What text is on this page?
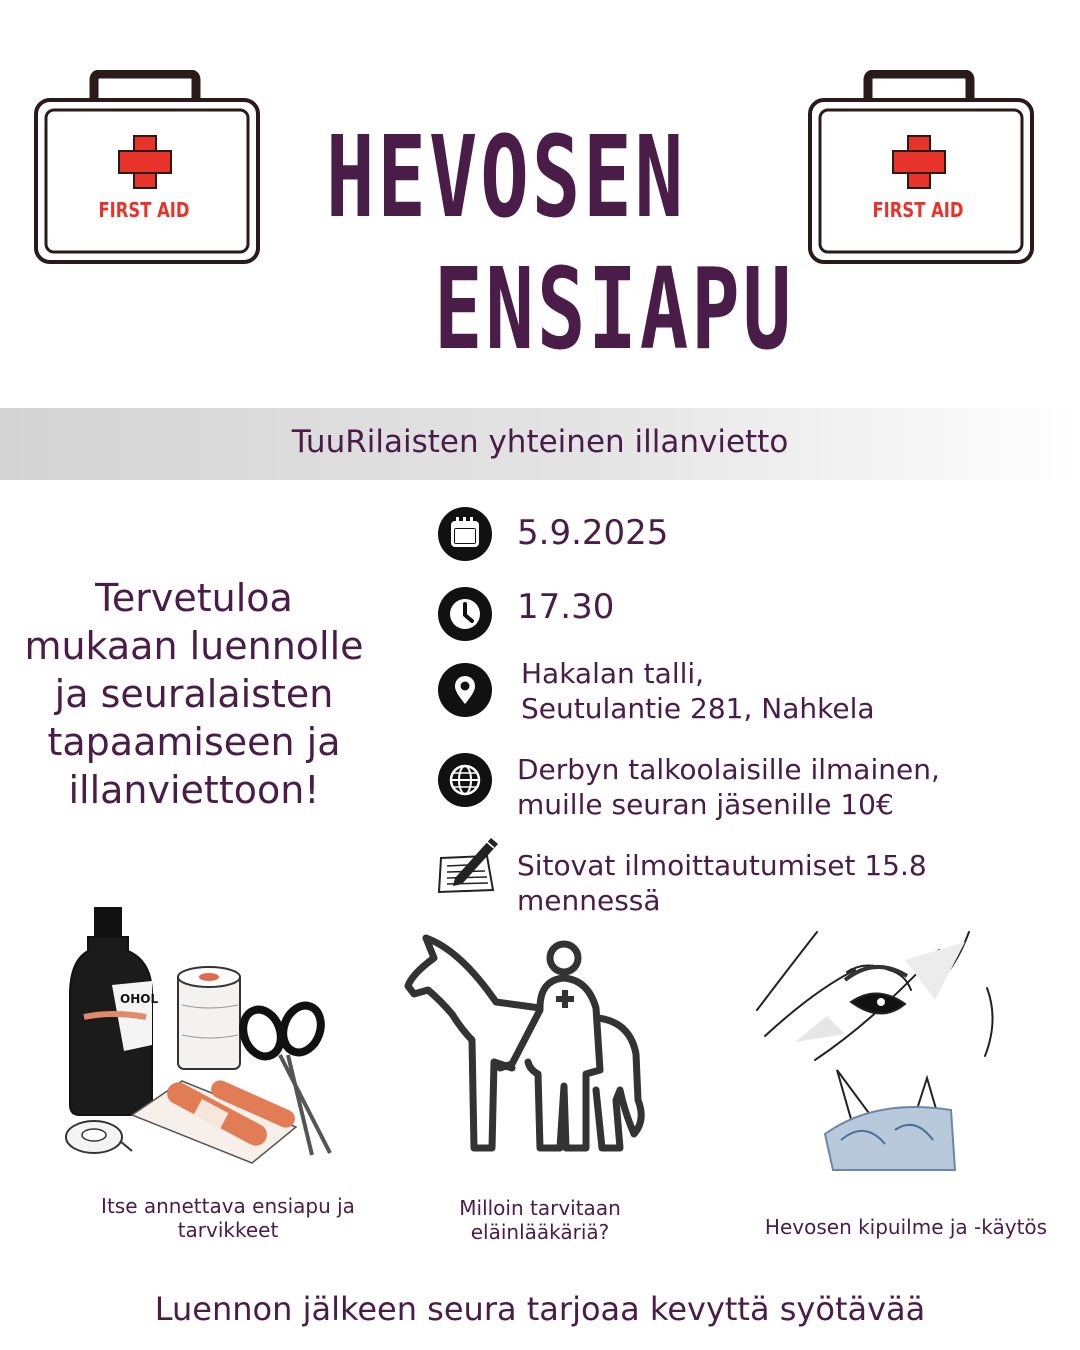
FIRST AID	FIRST AID
HEVOSEN
ENSIAPU
TuuRilaisten yhteinen illanvietto
Tervetuloa
mukaan luennolle
ja seuralaisten
tapaamiseen ja
illanviettoon!
5.9.2025
17.30
Hakalan talli,
Seutulantie 281, Nahkela
Derbyn talkoolaisille ilmainen,
muille seuran jäsenille 10€
Sitovat ilmoittautumiset 15.8
mennessä
OHOL
Itse annettava ensiapu ja
tarvikkeet
Milloin tarvitaan
eläinlääkäriä?	Hevosen kipuilme ja -käytös
Luennon jälkeen seura tarjoaa kevyttä syötävää
